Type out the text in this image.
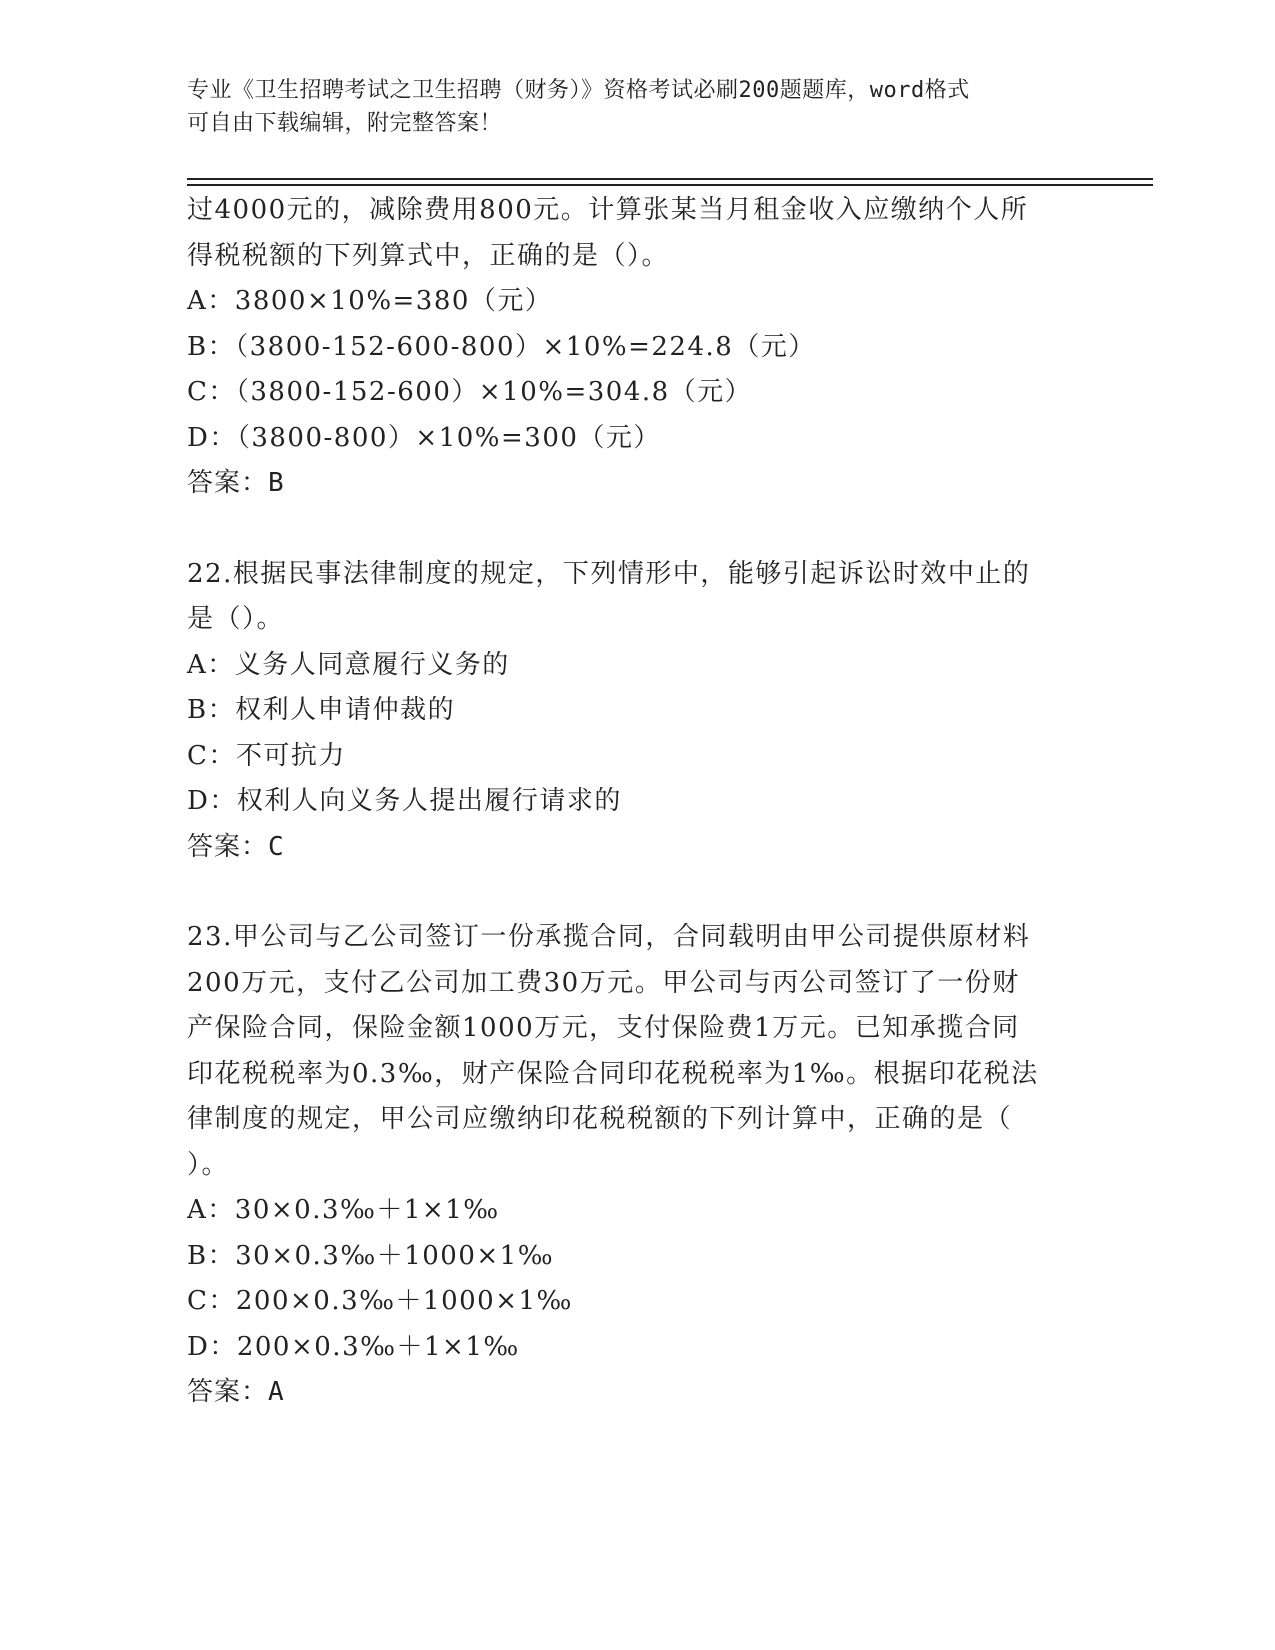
专业《卫生招聘考试之卫生招聘（财务）》资格考试必刷200题题库，word格式
可自由下载编辑，附完整答案！
过4000元的，减除费用800元。计算张某当月租金收入应缴纳个人所
得税税额的下列算式中，正确的是（）。
A：3800×10%=380（元）
B：（3800-152-600-800）×10%=224.8（元）
C：（3800-152-600）×10%=304.8（元）
D：（3800-800）×10%=300（元）
答案：B
22.根据民事法律制度的规定，下列情形中，能够引起诉讼时效中止的
是（）。
A：义务人同意履行义务的
B：权利人申请仲裁的
C：不可抗力
D：权利人向义务人提出履行请求的
答案：C
23.甲公司与乙公司签订一份承揽合同，合同载明由甲公司提供原材料
200万元，支付乙公司加工费30万元。甲公司与丙公司签订了一份财
产保险合同，保险金额1000万元，支付保险费1万元。已知承揽合同
印花税税率为0.3‰，财产保险合同印花税税率为1‰。根据印花税法
律制度的规定，甲公司应缴纳印花税税额的下列计算中，正确的是（
）。
A：30×0.3‰＋1×1‰
B：30×0.3‰＋1000×1‰
C：200×0.3‰＋1000×1‰
D：200×0.3‰＋1×1‰
答案：A
